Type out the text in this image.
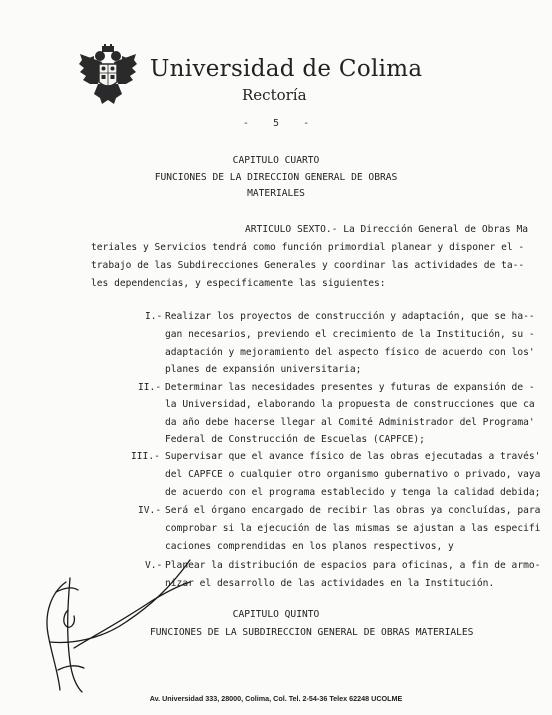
Universidad de Colima
Rectoría
-    5    -
CAPITULO CUARTO
FUNCIONES DE LA DIRECCION GENERAL DE OBRAS
MATERIALES
ARTICULO SEXTO.- La Dirección General de Obras Ma
teriales y Servicios tendrá como función primordial planear y disponer el -
trabajo de las Subdirecciones Generales y coordinar las actividades de ta--
les dependencias, y especificamente las siguientes:
I.- Realizar los proyectos de construcción y adaptación, que se ha--
gan necesarios, previendo el crecimiento de la Institución, su -
adaptación y mejoramiento del aspecto físico de acuerdo con los'
planes de expansión universitaria;
II.- Determinar las necesidades presentes y futuras de expansión de -
la Universidad, elaborando la propuesta de construcciones que ca
da año debe hacerse llegar al Comité Administrador del Programa'
Federal de Construcción de Escuelas (CAPFCE);
III.- Supervisar que el avance físico de las obras ejecutadas a través'
del CAPFCE o cualquier otro organismo gubernativo o privado, vaya
de acuerdo con el programa establecido y tenga la calidad debida;
IV.- Será el órgano encargado de recibir las obras ya concluídas, para
comprobar si la ejecución de las mismas se ajustan a las especifi
caciones comprendidas en los planos respectivos, y
V.- Planear la distribución de espacios para oficinas, a fin de armo-
nizar el desarrollo de las actividades en la Institución.
CAPITULO QUINTO
FUNCIONES DE LA SUBDIRECCION GENERAL DE OBRAS MATERIALES
Av. Universidad 333, 28000, Colima, Col. Tel. 2-54-36 Telex 62248 UCOLME
